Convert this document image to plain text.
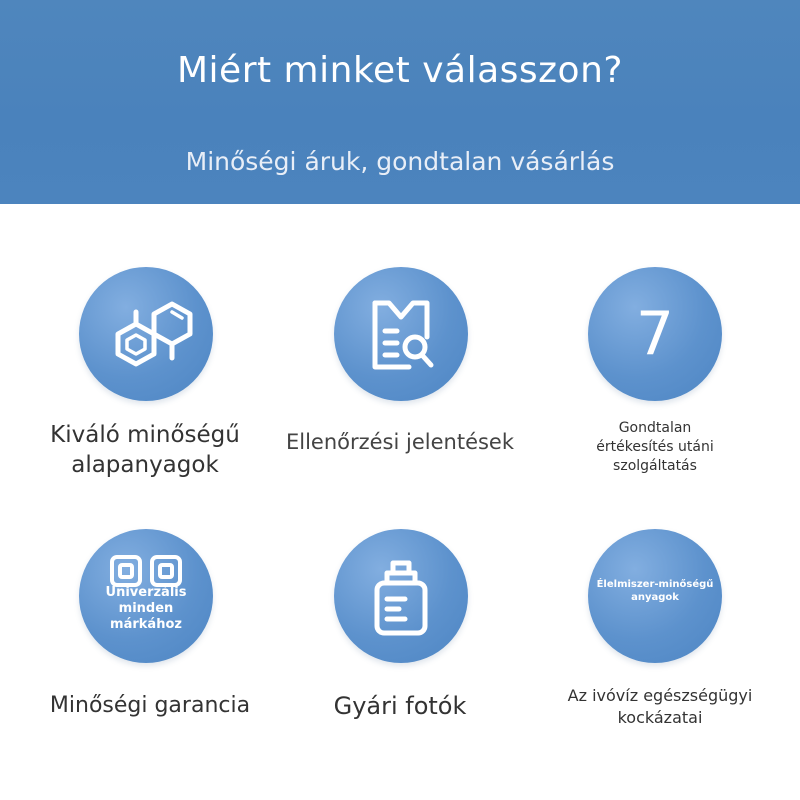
Miért minket válasszon?
Minőségi áruk, gondtalan vásárlás
Kiváló minőségű
alapanyagok
Ellenőrzési jelentések
7
Gondtalan
értékesítés utáni
szolgáltatás
Univerzális
minden
márkához
Minőségi garancia	Gyári fotók
Élelmiszer-minőségű
anyagok
Az ivóvíz egészségügyi
kockázatai
